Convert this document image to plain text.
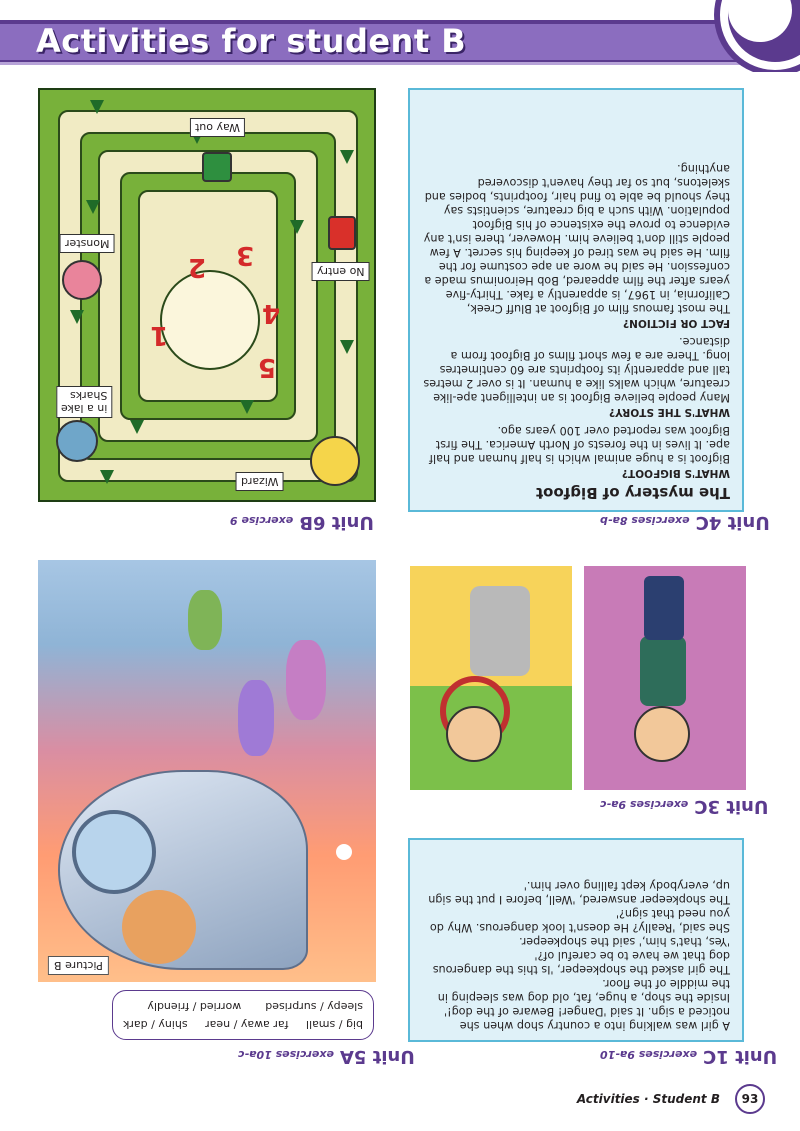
Activities for student B
1
2 3
4
5
Way out
Monster
No entry
in a lake
Sharks
Wizard
Unit 6Bexercise 9
The mystery of Bigfoot
WHAT'S BIGFOOT?

Bigfoot is a huge animal which is half human and half ape. It lives in the forests of North America. The first Bigfoot was reported over 100 years ago.

WHAT'S THE STORY?

Many people believe Bigfoot is an intelligent ape-like creature, which walks like a human. It is over 2 metres tall and apparently its footprints are 60 centimetres long. There are a few short films of Bigfoot from a distance.

FACT OR FICTION?

The most famous film of Bigfoot at Bluff Creek, California, in 1967, is apparently a fake. Thirty-five years after the film appeared, Bob Heironimus made a confession. He said he wore an ape costume for the film. He said he was tired of keeping his secret. A few people still don't believe him. However, there isn't any evidence to prove the existence of his Bigfoot population. With such a big creature, scientists say they should be able to find hair, footprints, bodies and skeletons, but so far they haven't discovered anything.

Unit 4Cexercises 8a-b
Picture B
big / small
far away / near
shiny / dark
sleepy / surprised
worried / friendly
Unit 5Aexercises 10a-c
Unit 3Cexercises 9a-c

A girl was walking into a country shop when she noticed a sign. It said 'Danger! Beware of the dog!' Inside the shop, a huge, fat, old dog was sleeping in the middle of the floor.

The girl asked the shopkeeper, 'Is this the dangerous dog that we have to be careful of?'

'Yes, that's him,' said the shopkeeper.

She said, 'Really? He doesn't look dangerous. Why do you need that sign?'

The shopkeeper answered, 'Well, before I put the sign up, everybody kept falling over him.'

Unit 1Cexercises 9a-10
Activities · Student B	93
